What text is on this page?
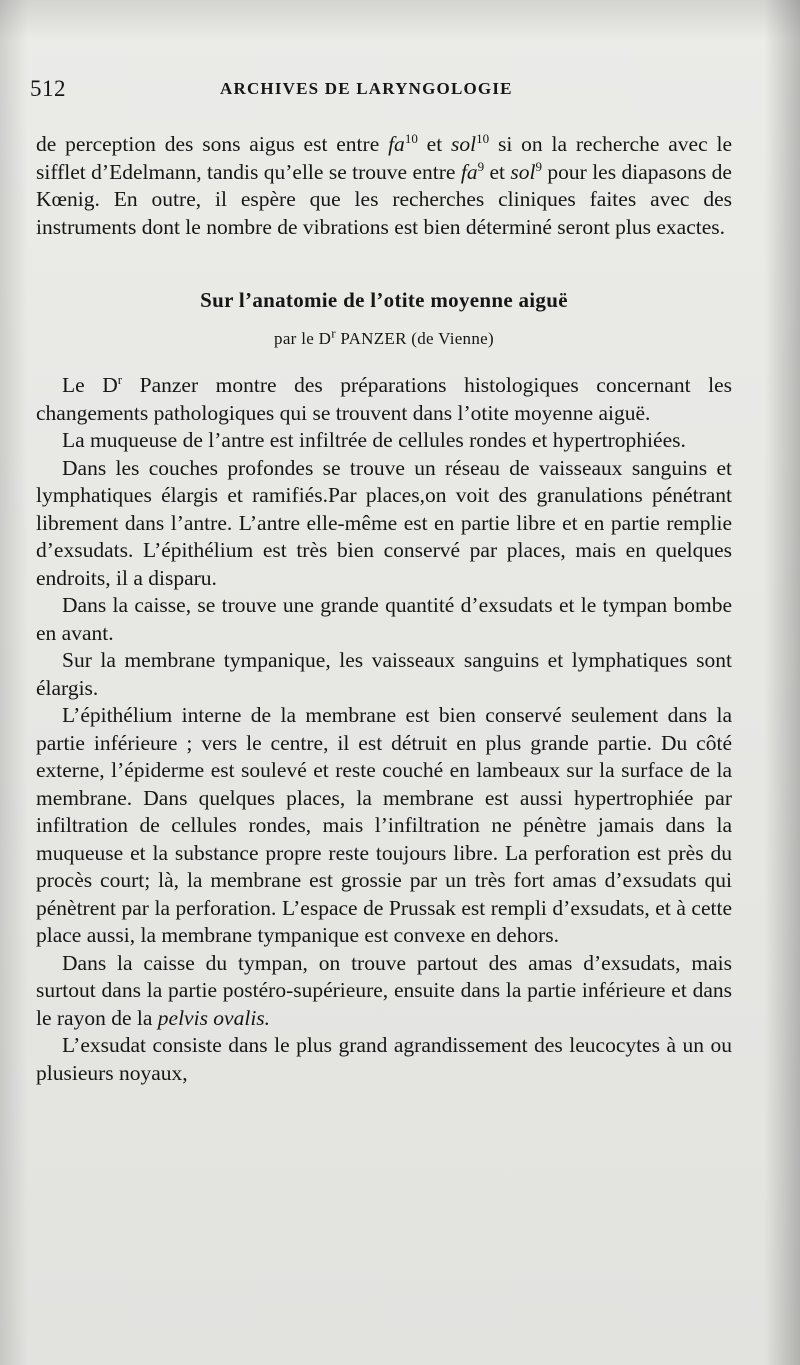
512	ARCHIVES DE LARYNGOLOGIE

de perception des sons aigus est entre $fa^{10}$ et sol$^{10}$ si on la recherche avec le sifflet d’Edelmann, tandis qu’elle se trouve entre $fa^9$ et sol$^9$ pour les diapasons de Kœnig. En outre, il espère que les recherches cliniques faites avec des instruments dont le nombre de vibrations est bien déterminé seront plus exactes.

Sur l’anatomie de l’otite moyenne aiguë
par le $D^r$ PANZER (de Vienne)

Le $D^r$ Panzer montre des préparations histologiques concernant les changements pathologiques qui se trouvent dans l’otite moyenne aiguë.

La muqueuse de l’antre est infiltrée de cellules rondes et hypertrophiées.

Dans les couches profondes se trouve un réseau de vaisseaux sanguins et lymphatiques élargis et ramifiés.Par places,on voit des granulations pénétrant librement dans l’antre. L’antre elle-même est en partie libre et en partie remplie d’exsudats. L’épithélium est très bien conservé par places, mais en quelques endroits, il a disparu.

Dans la caisse, se trouve une grande quantité d’exsudats et le tympan bombe en avant.

Sur la membrane tympanique, les vaisseaux sanguins et lymphatiques sont élargis.

L’épithélium interne de la membrane est bien conservé seulement dans la partie inférieure ; vers le centre, il est détruit en plus grande partie. Du côté externe, l’épiderme est soulevé et reste couché en lambeaux sur la surface de la membrane. Dans quelques places, la membrane est aussi hypertrophiée par infiltration de cellules rondes, mais l’infiltration ne pénètre jamais dans la muqueuse et la substance propre reste toujours libre. La perforation est près du procès court; là, la membrane est grossie par un très fort amas d’exsudats qui pénètrent par la perforation. L’espace de Prussak est rempli d’exsudats, et à cette place aussi, la membrane tympanique est convexe en dehors.

Dans la caisse du tympan, on trouve partout des amas d’exsudats, mais surtout dans la partie postéro-supérieure, ensuite dans la partie inférieure et dans le rayon de la pelvis ovalis.

L’exsudat consiste dans le plus grand agrandissement des leucocytes à un ou plusieurs noyaux,
